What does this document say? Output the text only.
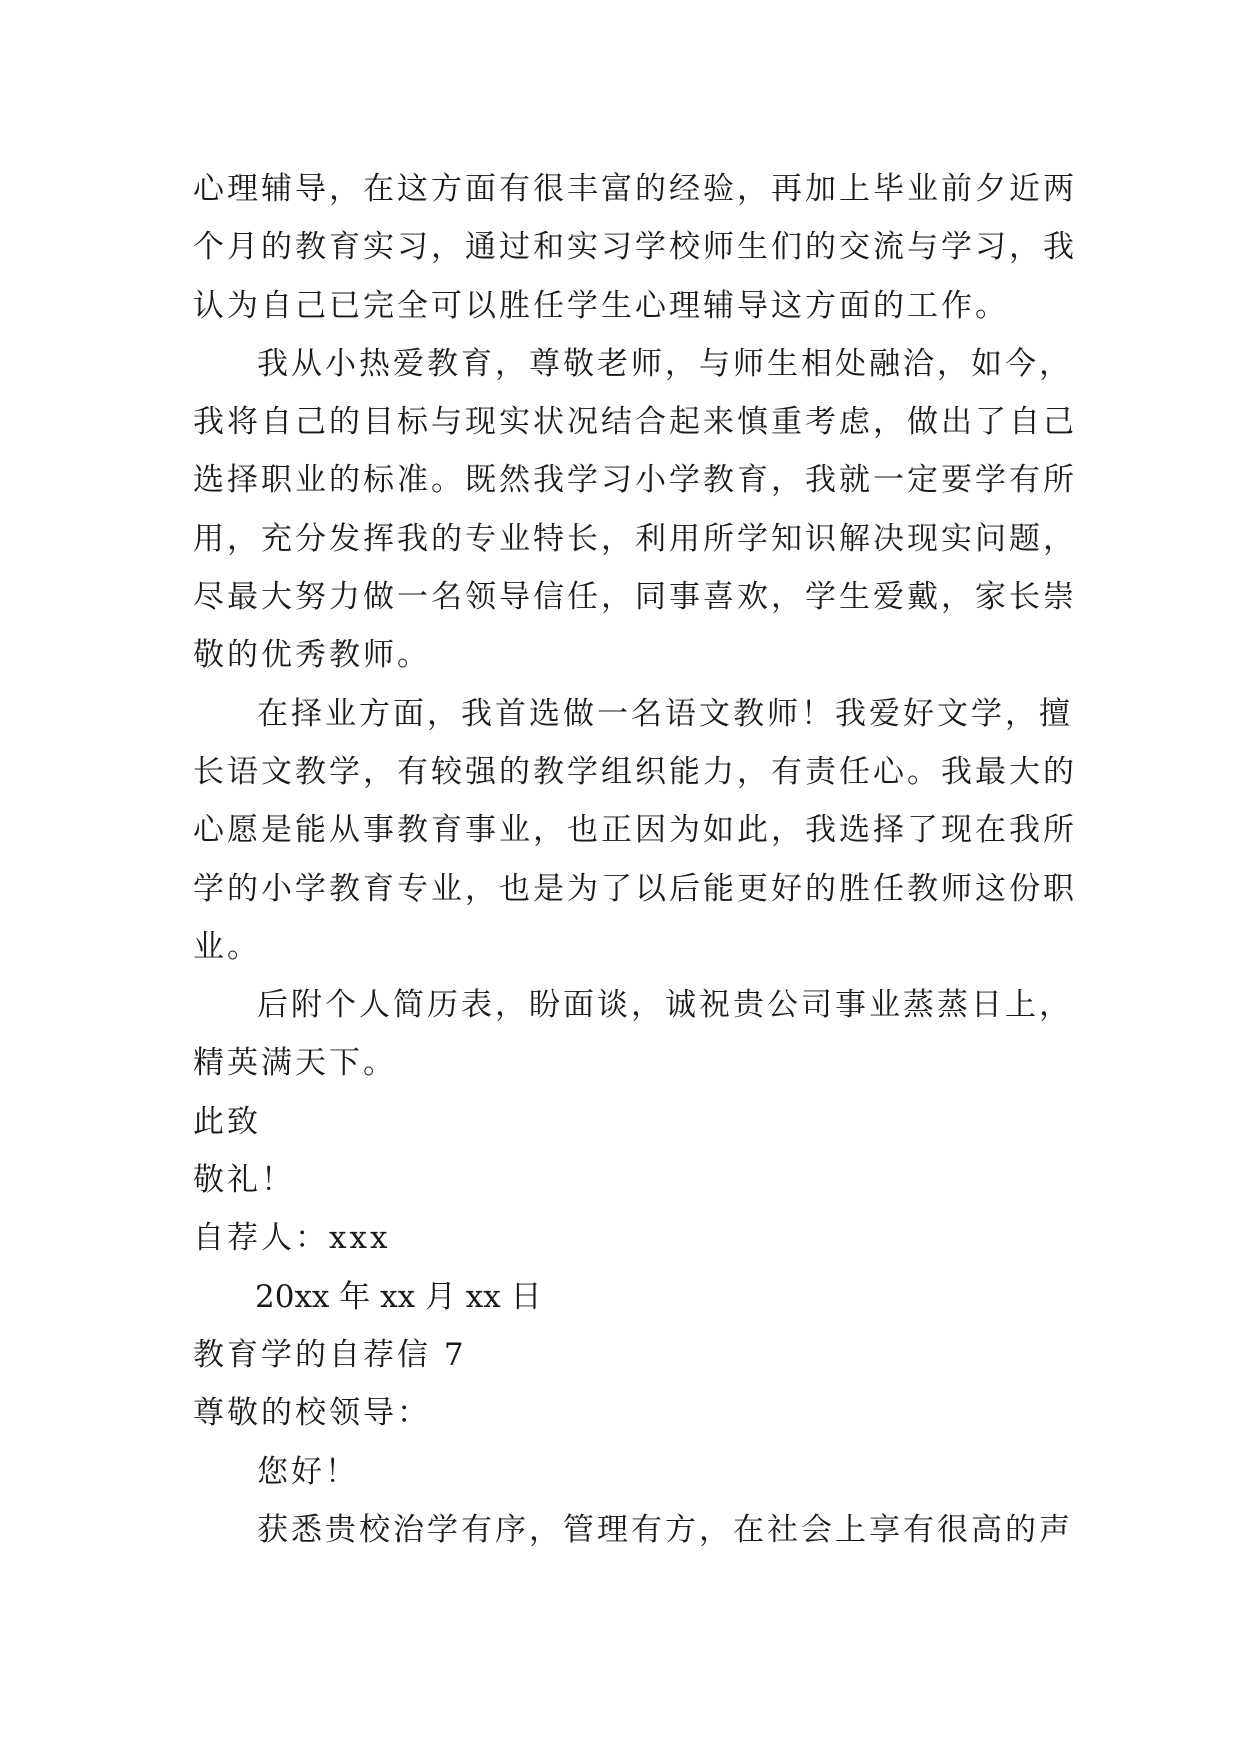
心理辅导，在这方面有很丰富的经验，再加上毕业前夕近两
个月的教育实习，通过和实习学校师生们的交流与学习，我
认为自己已完全可以胜任学生心理辅导这方面的工作。
我从小热爱教育，尊敬老师，与师生相处融洽，如今，
我将自己的目标与现实状况结合起来慎重考虑，做出了自己
选择职业的标准。既然我学习小学教育，我就一定要学有所
用，充分发挥我的专业特长，利用所学知识解决现实问题，
尽最大努力做一名领导信任，同事喜欢，学生爱戴，家长崇
敬的优秀教师。
在择业方面，我首选做一名语文教师！我爱好文学，擅
长语文教学，有较强的教学组织能力，有责任心。我最大的
心愿是能从事教育事业，也正因为如此，我选择了现在我所
学的小学教育专业，也是为了以后能更好的胜任教师这份职
业。
后附个人简历表，盼面谈，诚祝贵公司事业蒸蒸日上，
精英满天下。
此致
敬礼！
自荐人：xxx
20xx 年 xx 月 xx 日
教育学的自荐信 7
尊敬的校领导：
您好！
获悉贵校治学有序，管理有方，在社会上享有很高的声
